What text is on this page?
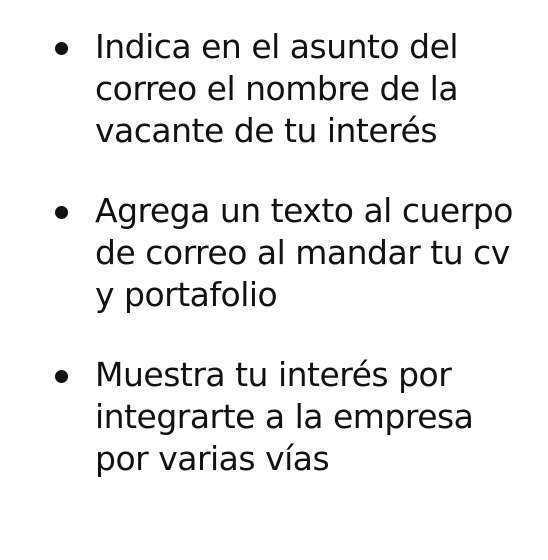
Indica en el asunto del
correo el nombre de la
vacante de tu interés
Agrega un texto al cuerpo
de correo al mandar tu cv
y portafolio
Muestra tu interés por
integrarte a la empresa
por varias vías
